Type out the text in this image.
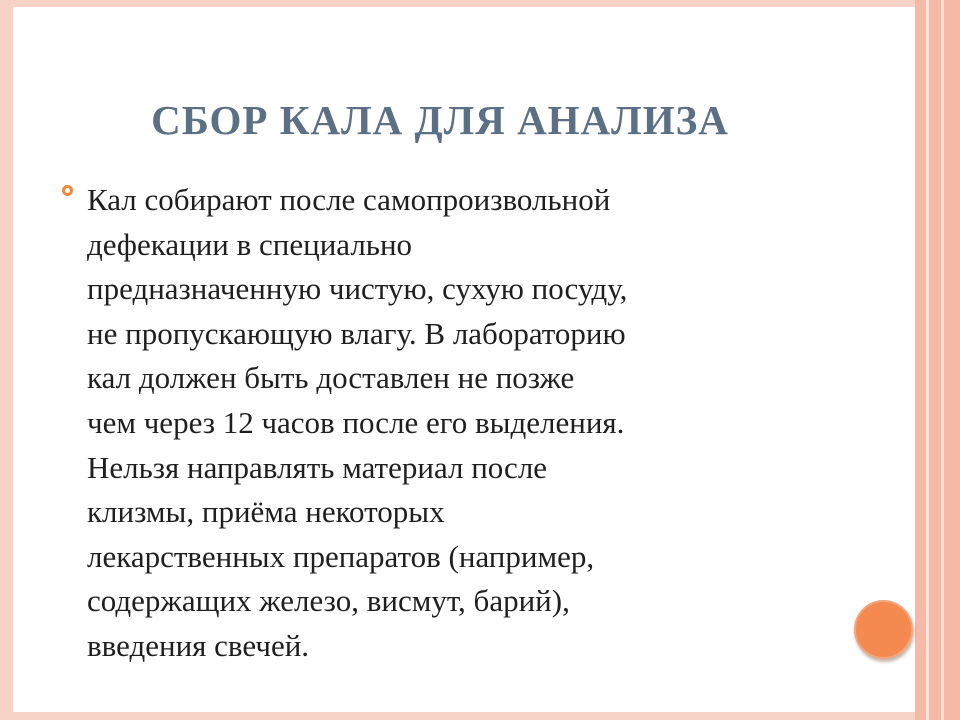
СБОР КАЛА ДЛЯ АНАЛИЗА

Кал собирают после самопроизвольной
дефекации в специально
предназначенную чистую, сухую посуду,
не пропускающую влагу. В лабораторию
кал должен быть доставлен не позже
чем через 12 часов после его выделения.
Нельзя направлять материал после
клизмы, приёма некоторых
лекарственных препаратов (например,
содержащих железо, висмут, барий),
введения свечей.
